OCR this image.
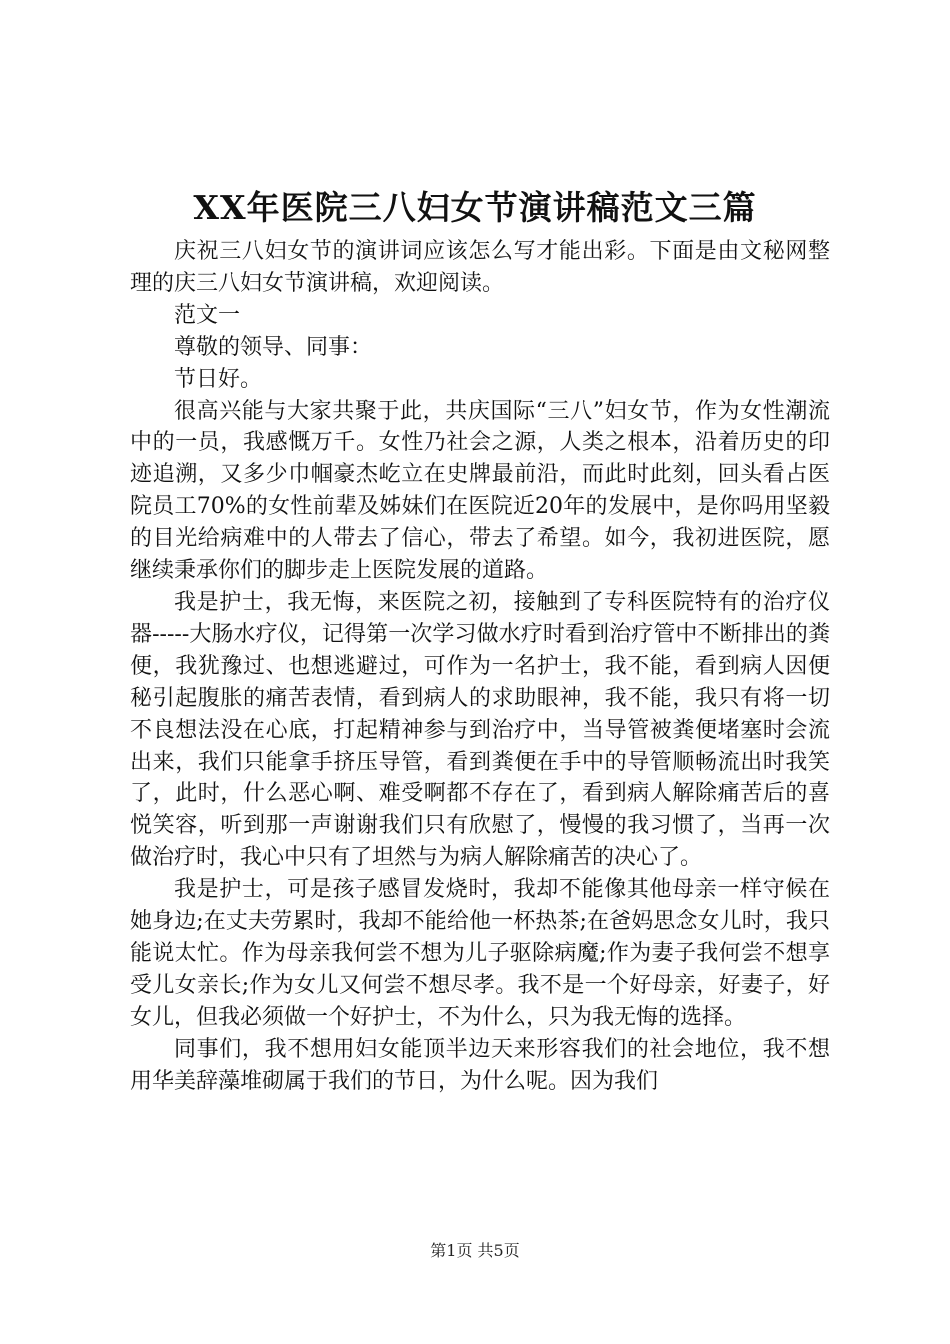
XX年医院三八妇女节演讲稿范文三篇

庆祝三八妇女节的演讲词应该怎么写才能出彩。下面是由文秘网整理的庆三八妇女节演讲稿，欢迎阅读。

范文一

尊敬的领导、同事：

节日好。

很高兴能与大家共聚于此，共庆国际“三八”妇女节，作为女性潮流中的一员，我感慨万千。女性乃社会之源，人类之根本，沿着历史的印迹追溯，又多少巾帼豪杰屹立在史牌最前沿，而此时此刻，回头看占医院员工70%的女性前辈及姊妹们在医院近20年的发展中，是你吗用坚毅的目光给病难中的人带去了信心，带去了希望。如今，我初进医院，愿继续秉承你们的脚步走上医院发展的道路。

我是护士，我无悔，来医院之初，接触到了专科医院特有的治疗仪器-----大肠水疗仪，记得第一次学习做水疗时看到治疗管中不断排出的粪便，我犹豫过、也想逃避过，可作为一名护士，我不能，看到病人因便秘引起腹胀的痛苦表情，看到病人的求助眼神，我不能，我只有将一切不良想法没在心底，打起精神参与到治疗中，当导管被粪便堵塞时会流出来，我们只能拿手挤压导管，看到粪便在手中的导管顺畅流出时我笑了，此时，什么恶心啊、难受啊都不存在了，看到病人解除痛苦后的喜悦笑容，听到那一声谢谢我们只有欣慰了，慢慢的我习惯了，当再一次做治疗时，我心中只有了坦然与为病人解除痛苦的决心了。

我是护士，可是孩子感冒发烧时，我却不能像其他母亲一样守候在她身边;在丈夫劳累时，我却不能给他一杯热茶;在爸妈思念女儿时，我只能说太忙。作为母亲我何尝不想为儿子驱除病魔;作为妻子我何尝不想享受儿女亲长;作为女儿又何尝不想尽孝。我不是一个好母亲，好妻子，好女儿，但我必须做一个好护士，不为什么，只为我无悔的选择。

同事们，我不想用妇女能顶半边天来形容我们的社会地位，我不想用华美辞藻堆砌属于我们的节日，为什么呢。因为我们

第1页 共5页
